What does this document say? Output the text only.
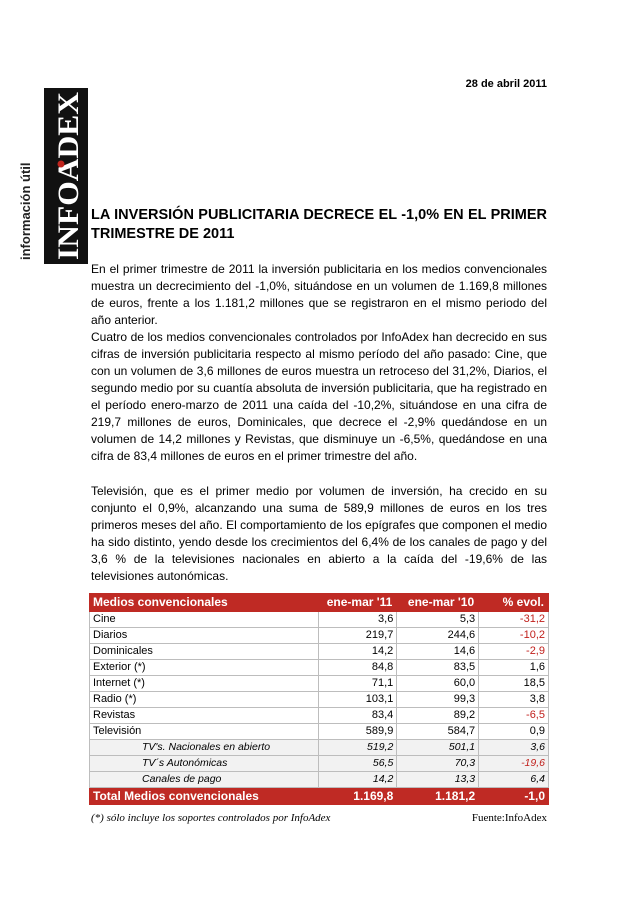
información útil INFOADEX
28 de abril 2011
LA INVERSIÓN PUBLICITARIA DECRECE EL -1,0% EN EL PRIMER TRIMESTRE DE 2011

En el primer trimestre de 2011 la inversión publicitaria en los medios convencionales muestra un decrecimiento del -1,0%, situándose en un volumen de 1.169,8 millones de euros, frente a los 1.181,2 millones que se registraron en el mismo periodo del año anterior.

Cuatro de los medios convencionales controlados por InfoAdex han decrecido en sus cifras de inversión publicitaria respecto al mismo período del año pasado: Cine, que con un volumen de 3,6 millones de euros muestra un retroceso del 31,2%, Diarios, el segundo medio por su cuantía absoluta de inversión publicitaria, que ha registrado en el período enero-marzo de 2011 una caída del -10,2%, situándose en una cifra de 219,7 millones de euros, Dominicales, que decrece el -2,9% quedándose en un volumen de 14,2 millones y Revistas, que disminuye un -6,5%, quedándose en una cifra de 83,4 millones de euros en el primer trimestre del año.

Televisión, que es el primer medio por volumen de inversión, ha crecido en su conjunto el 0,9%, alcanzando una suma de 589,9 millones de euros en los tres primeros meses del año. El comportamiento de los epígrafes que componen el medio ha sido distinto, yendo desde los crecimientos del 6,4% de los canales de pago y del 3,6 % de la televisiones nacionales en abierto a la caída del -19,6% de las televisiones autonómicas.

Medios convencionales	ene-mar '11	ene-mar '10	% evol.
Cine	3,6	5,3	-31,2
Diarios	219,7	244,6	-10,2
Dominicales	14,2	14,6	-2,9
Exterior (*)	84,8	83,5	1,6
Internet (*)	71,1	60,0	18,5
Radio (*)	103,1	99,3	3,8
Revistas	83,4	89,2	-6,5
Televisión	589,9	584,7	0,9
TV's. Nacionales en abierto	519,2	501,1	3,6
TV´s Autonómicas	56,5	70,3	-19,6
Canales de pago	14,2	13,3	6,4
Total Medios convencionales	1.169,8	1.181,2	-1,0
(*) sólo incluye los soportes controlados por InfoAdex	Fuente:InfoAdex
